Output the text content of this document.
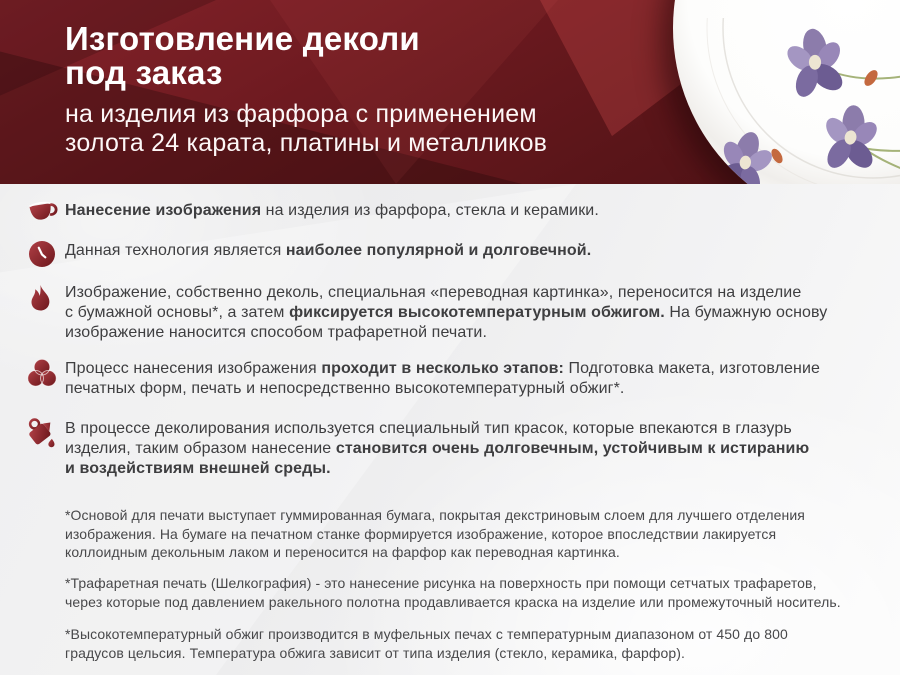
Изготовление деколи
под заказ
на изделия из фарфора с применением
золота 24 карата, платины и металликов
Нанесение изображения на изделия из фарфора, стекла и керамики.
Данная технология является наиболее популярной и долговечной.
Изображение, собственно деколь, специальная «переводная картинка», переносится на изделие
с бумажной основы*, а затем фиксируется высокотемпературным обжигом. На бумажную основу
изображение наносится способом трафаретной печати.
Процесс нанесения изображения проходит в несколько этапов: Подготовка макета, изготовление
печатных форм, печать и непосредственно высокотемпературный обжиг*.
В процессе деколирования используется специальный тип красок, которые впекаются в глазурь
изделия, таким образом нанесение становится очень долговечным, устойчивым к истиранию
и воздействиям внешней среды.
*Основой для печати выступает гуммированная бумага, покрытая декстриновым слоем для лучшего отделения
изображения. На бумаге на печатном станке формируется изображение, которое впоследствии лакируется
коллоидным декольным лаком и переносится на фарфор как переводная картинка.
*Трафаретная печать (Шелкография) - это нанесение рисунка на поверхность при помощи сетчатых трафаретов,
через которые под давлением ракельного полотна продавливается краска на изделие или промежуточный носитель.
*Высокотемпературный обжиг производится в муфельных печах с температурным диапазоном от 450 до 800
градусов цельсия. Температура обжига зависит от типа изделия (стекло, керамика, фарфор).
